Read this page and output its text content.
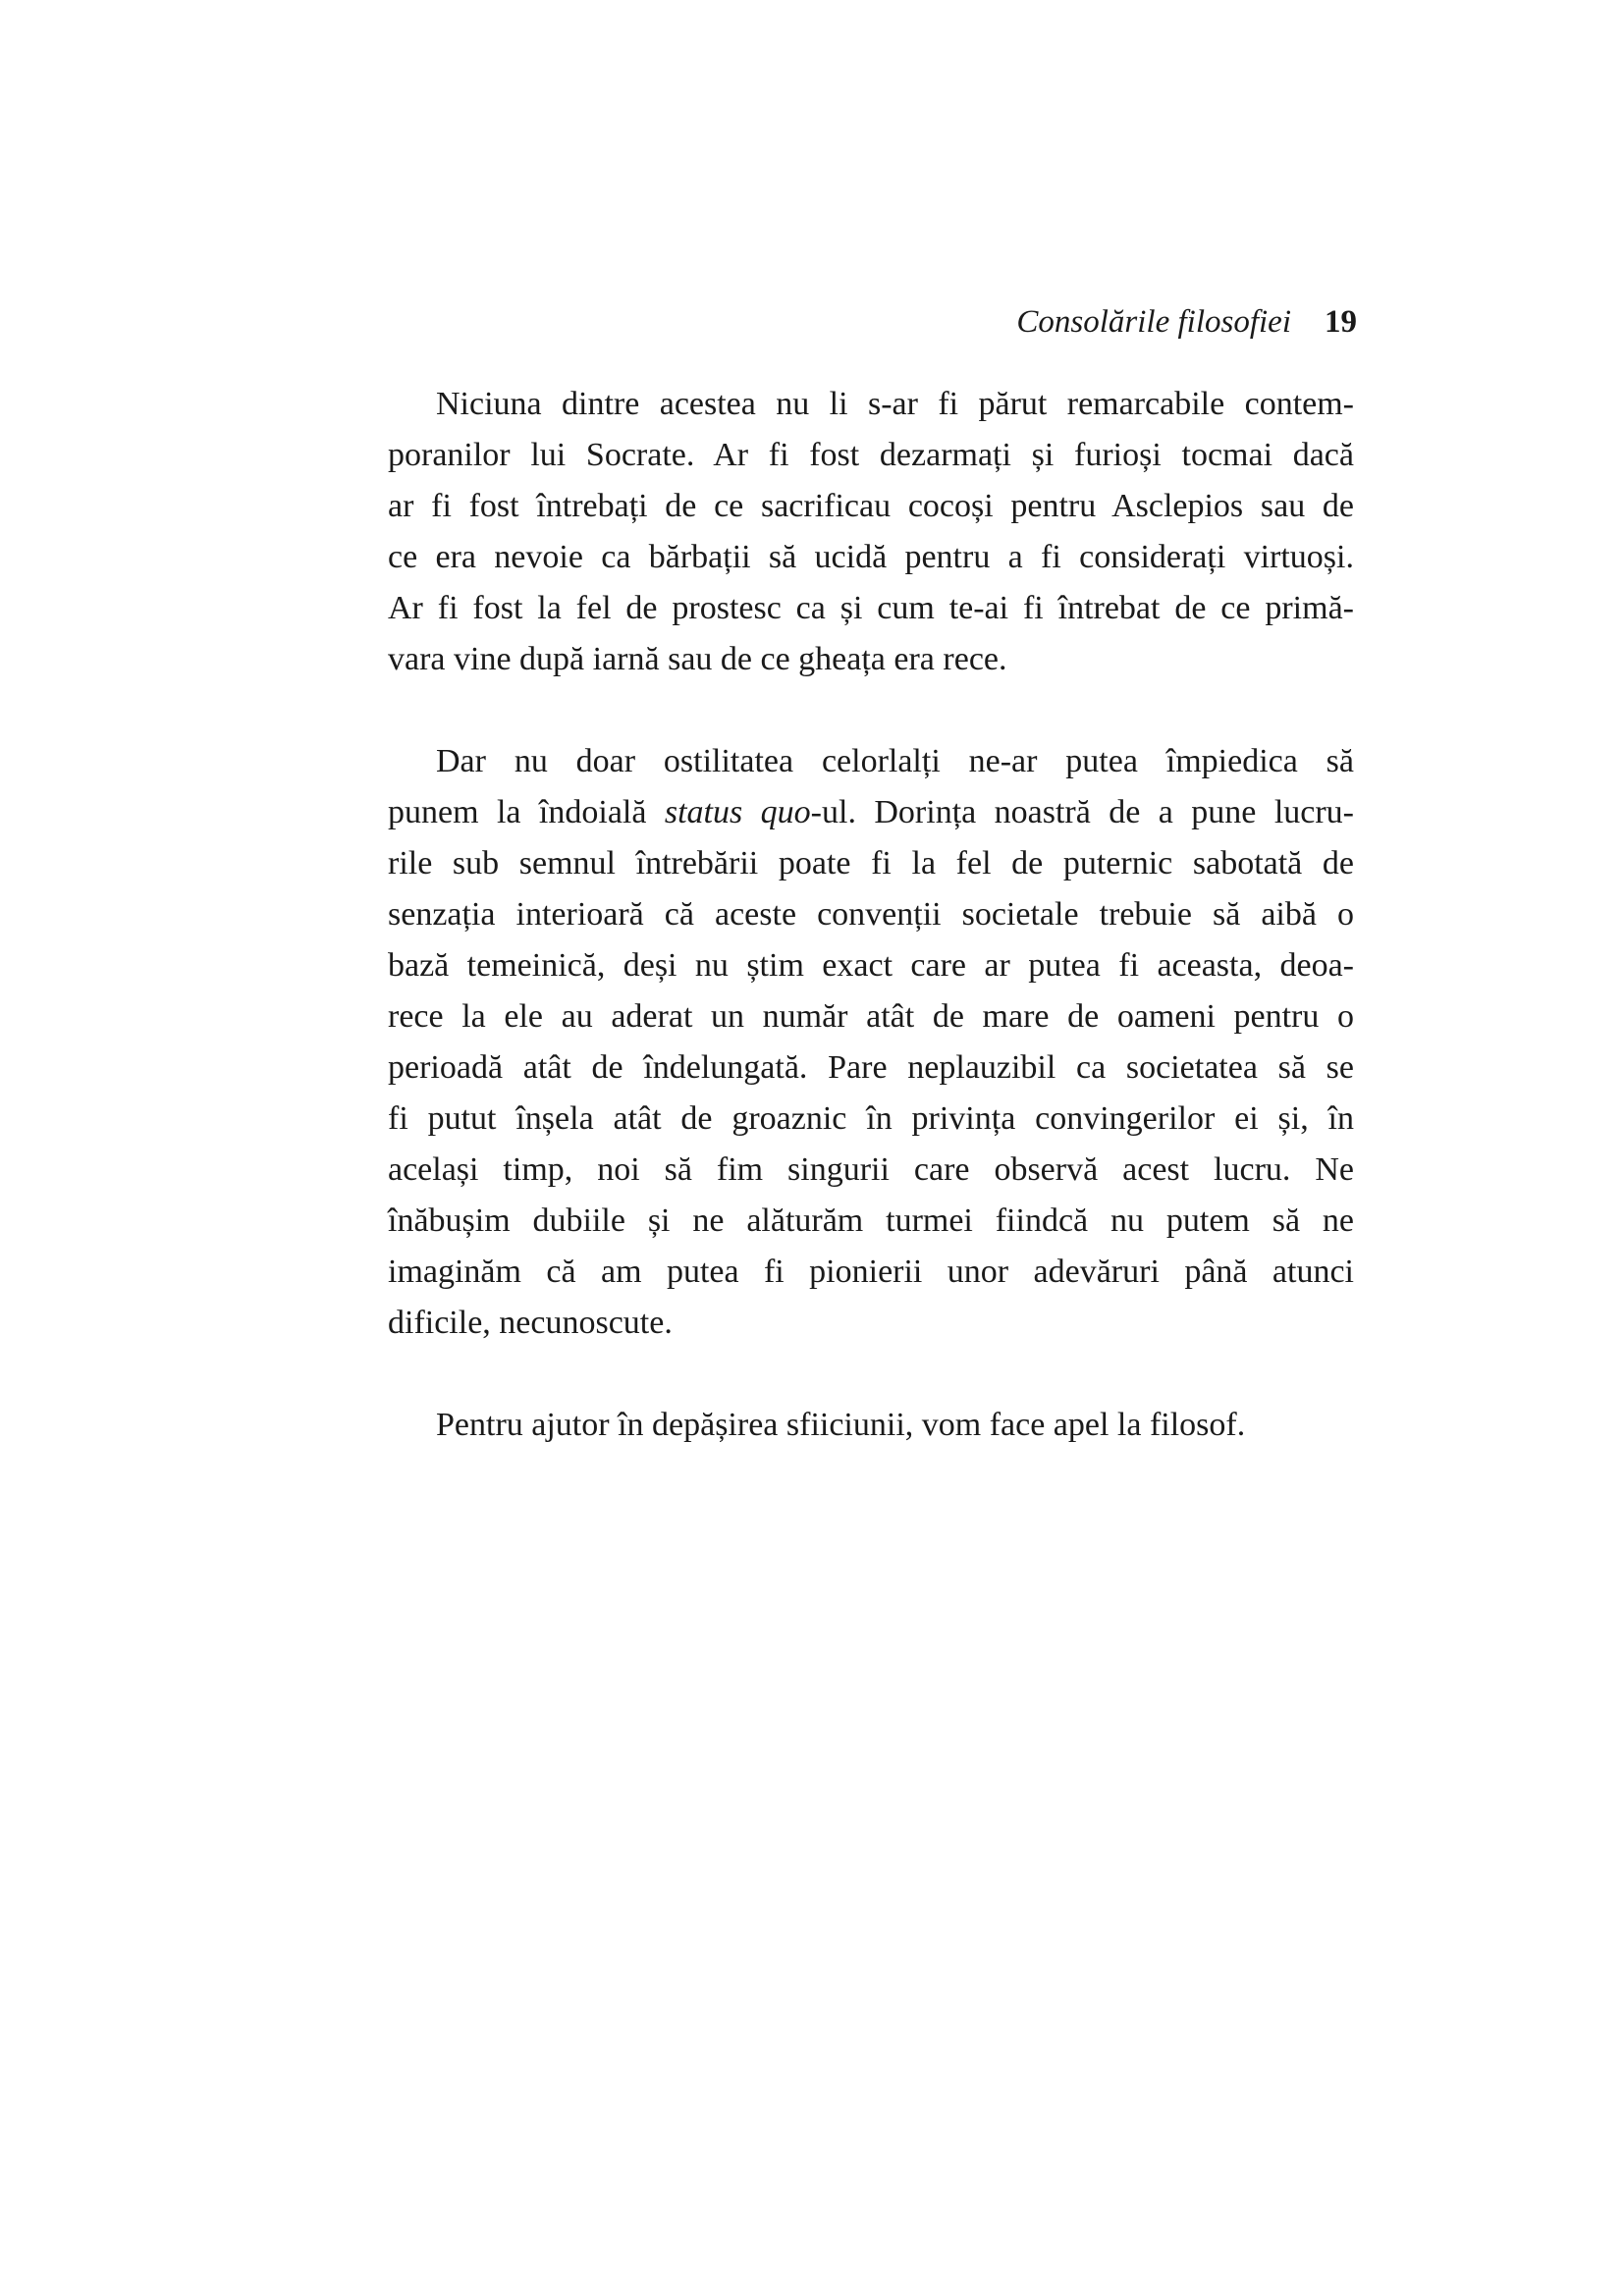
Consolările filosofiei 19
Niciuna dintre acestea nu li s-ar fi părut remarcabile contem-
poranilor lui Socrate. Ar fi fost dezarmați și furioși tocmai dacă
ar fi fost întrebați de ce sacrificau cocoși pentru Asclepios sau de
ce era nevoie ca bărbații să ucidă pentru a fi considerați virtuoși.
Ar fi fost la fel de prostesc ca și cum te-ai fi întrebat de ce primă-
vara vine după iarnă sau de ce gheața era rece.
Dar nu doar ostilitatea celorlalți ne-ar putea împiedica să
punem la îndoială status quo-ul. Dorința noastră de a pune lucru-
rile sub semnul întrebării poate fi la fel de puternic sabotată de
senzația interioară că aceste convenții societale trebuie să aibă o
bază temeinică, deși nu știm exact care ar putea fi aceasta, deoa-
rece la ele au aderat un număr atât de mare de oameni pentru o
perioadă atât de îndelungată. Pare neplauzibil ca societatea să se
fi putut înșela atât de groaznic în privința convingerilor ei și, în
același timp, noi să fim singurii care observă acest lucru. Ne
înăbușim dubiile și ne alăturăm turmei fiindcă nu putem să ne
imaginăm că am putea fi pionierii unor adevăruri până atunci
dificile, necunoscute.
Pentru ajutor în depășirea sfiiciunii, vom face apel la filosof.
